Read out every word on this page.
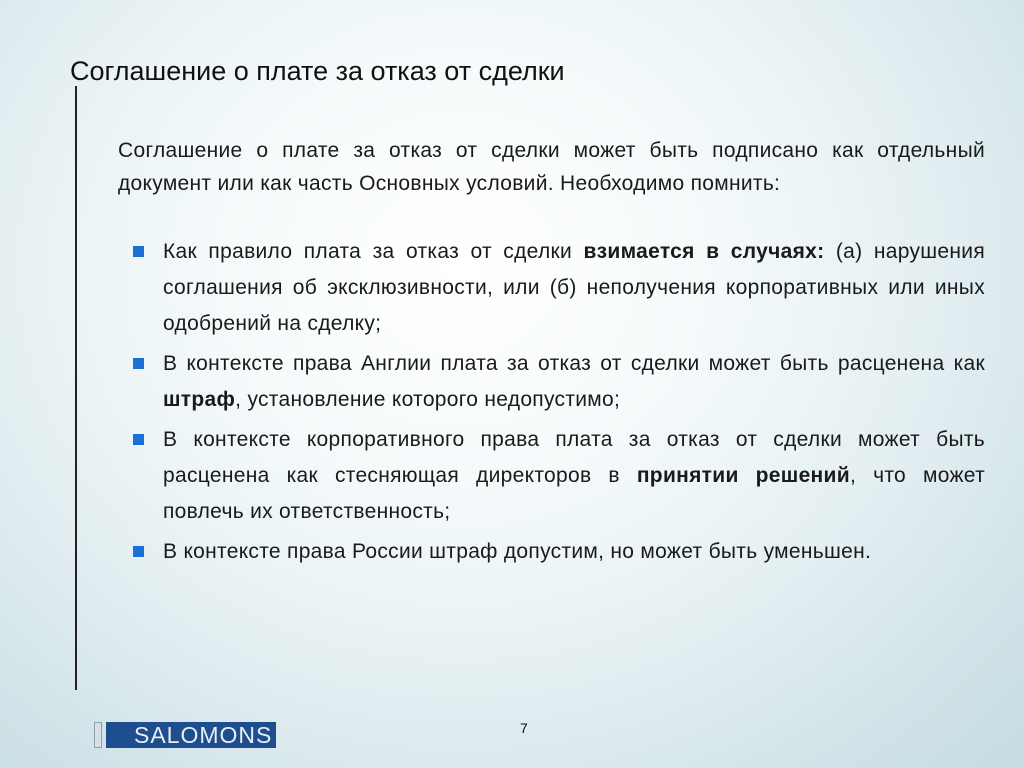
Соглашение о плате за отказ от сделки

Соглашение о плате за отказ от сделки может быть подписано как отдельный документ или как часть Основных условий. Необходимо помнить:

Как правило плата за отказ от сделки взимается в случаях: (а) нарушения соглашения об эксклюзивности, или (б) неполучения корпоративных или иных одобрений на сделку;
В контексте права Англии плата за отказ от сделки может быть расценена как штраф, установление которого недопустимо;
В контексте корпоративного права плата за отказ от сделки может быть расценена как стесняющая директоров в принятии решений, что может повлечь их ответственность;
В контексте права России штраф допустим, но может быть уменьшен.
SALOMONS	7
